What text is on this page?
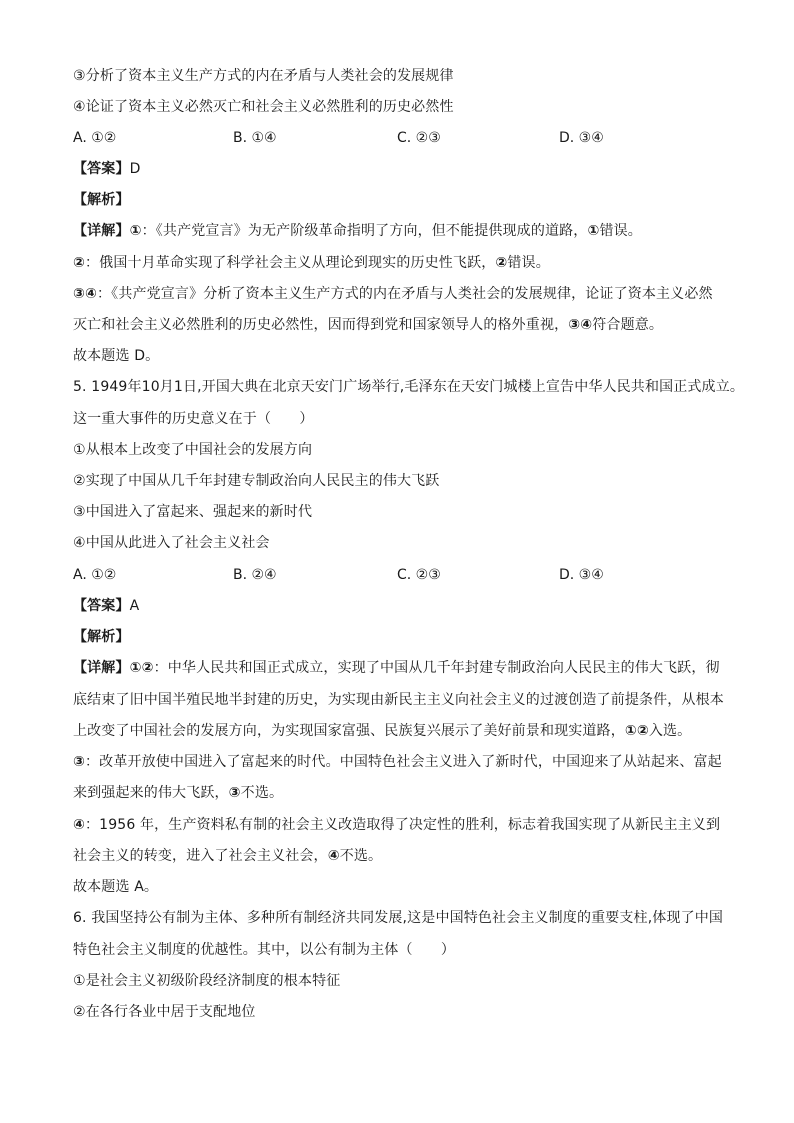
③分析了资本主义生产方式的内在矛盾与人类社会的发展规律
④论证了资本主义必然灭亡和社会主义必然胜利的历史必然性
A. ①②	B. ①④	C. ②③	D. ③④
【答案】D
【解析】
【详解】①：《共产党宣言》为无产阶级革命指明了方向，但不能提供现成的道路，①错误。
②：俄国十月革命实现了科学社会主义从理论到现实的历史性飞跃，②错误。
③④：《共产党宣言》分析了资本主义生产方式的内在矛盾与人类社会的发展规律，论证了资本主义必然
灭亡和社会主义必然胜利的历史必然性，因而得到党和国家领导人的格外重视，③④符合题意。
故本题选 D。
5. 1949年10月1日,开国大典在北京天安门广场举行,毛泽东在天安门城楼上宣告中华人民共和国正式成立。
这一重大事件的历史意义在于（　　）
①从根本上改变了中国社会的发展方向
②实现了中国从几千年封建专制政治向人民民主的伟大飞跃
③中国进入了富起来、强起来的新时代
④中国从此进入了社会主义社会
A. ①②	B. ②④	C. ②③	D. ③④
【答案】A
【解析】
【详解】①②：中华人民共和国正式成立，实现了中国从几千年封建专制政治向人民民主的伟大飞跃，彻
底结束了旧中国半殖民地半封建的历史，为实现由新民主主义向社会主义的过渡创造了前提条件，从根本
上改变了中国社会的发展方向，为实现国家富强、民族复兴展示了美好前景和现实道路，①②入选。
③：改革开放使中国进入了富起来的时代。中国特色社会主义进入了新时代，中国迎来了从站起来、富起
来到强起来的伟大飞跃，③不选。
④：1956 年，生产资料私有制的社会主义改造取得了决定性的胜利，标志着我国实现了从新民主主义到
社会主义的转变，进入了社会主义社会，④不选。
故本题选 A。
6. 我国坚持公有制为主体、多种所有制经济共同发展,这是中国特色社会主义制度的重要支柱,体现了中国
特色社会主义制度的优越性。其中，以公有制为主体（　　）
①是社会主义初级阶段经济制度的根本特征
②在各行各业中居于支配地位
